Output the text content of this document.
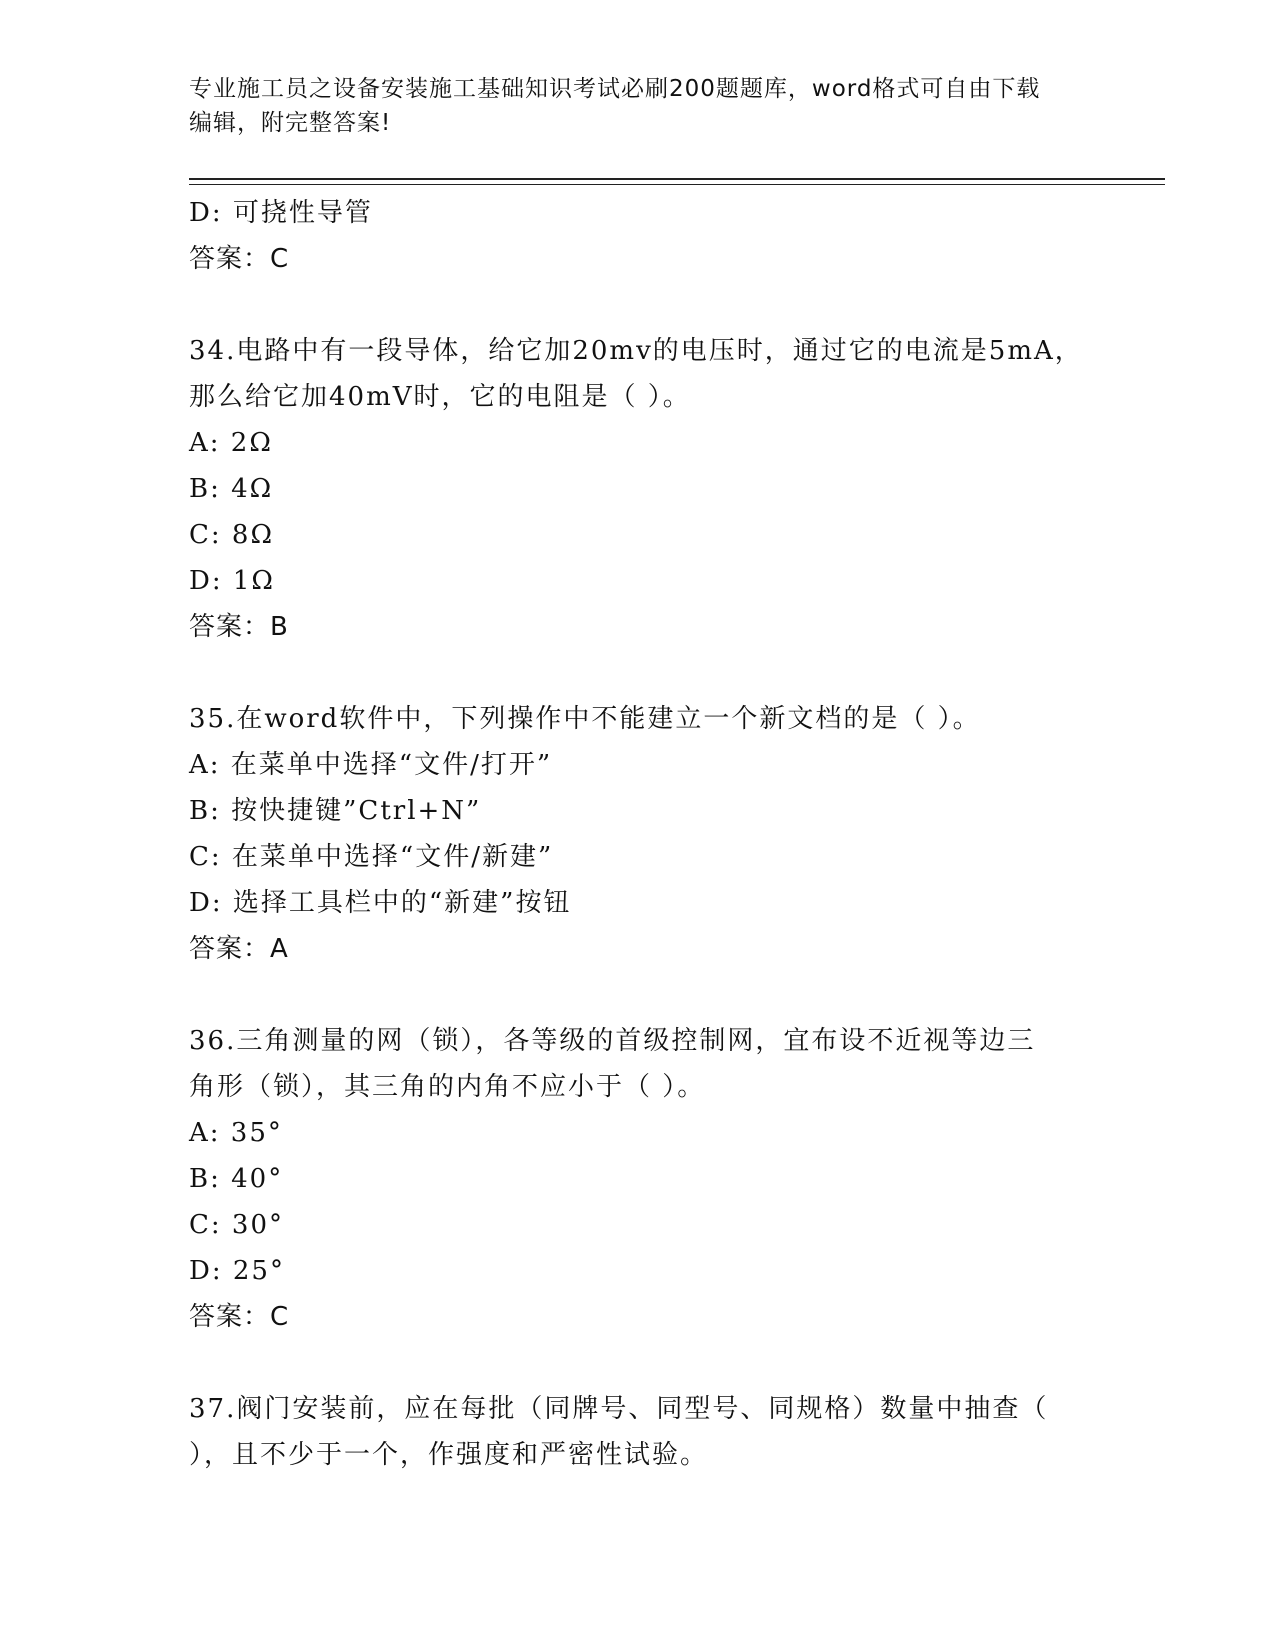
专业施工员之设备安装施工基础知识考试必刷200题题库，word格式可自由下载
编辑，附完整答案!
D: 可挠性导管
答案：C
34.电路中有一段导体，给它加20mv的电压时，通过它的电流是5mA，
那么给它加40mV时，它的电阻是（ ）。
A: 2Ω
B: 4Ω
C: 8Ω
D: 1Ω
答案：B
35.在word软件中，下列操作中不能建立一个新文档的是（ ）。
A: 在菜单中选择“文件/打开”
B: 按快捷键”Ctrl+N”
C: 在菜单中选择“文件/新建”
D: 选择工具栏中的“新建”按钮
答案：A
36.三角测量的网（锁），各等级的首级控制网，宜布设不近视等边三
角形（锁），其三角的内角不应小于（ ）。
A: 35°
B: 40°
C: 30°
D: 25°
答案：C
37.阀门安装前，应在每批（同牌号、同型号、同规格）数量中抽查（
），且不少于一个，作强度和严密性试验。
